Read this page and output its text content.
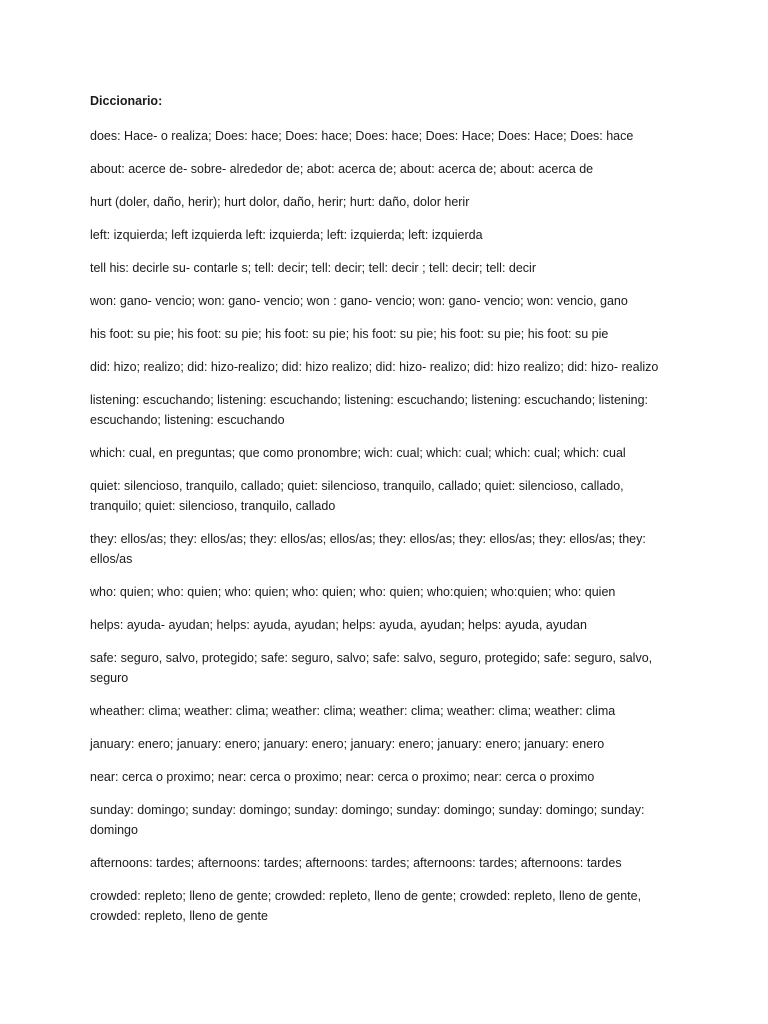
Diccionario:

does: Hace- o realiza; Does: hace; Does: hace; Does: hace; Does: Hace; Does: Hace; Does: hace

about: acerce de- sobre- alrededor de; abot: acerca de; about: acerca de; about: acerca de

hurt (doler, daño, herir); hurt dolor, daño, herir; hurt: daño, dolor herir

left: izquierda; left izquierda left: izquierda; left: izquierda; left: izquierda

tell his: decirle su- contarle s; tell: decir; tell: decir; tell: decir ; tell: decir; tell: decir

won: gano- vencio; won: gano- vencio; won : gano- vencio; won: gano- vencio; won: vencio, gano

his foot: su pie; his foot: su pie; his foot: su pie; his foot: su pie; his foot: su pie; his foot: su pie

did: hizo; realizo; did: hizo-realizo; did: hizo realizo; did: hizo- realizo; did: hizo realizo; did: hizo- realizo

listening: escuchando; listening: escuchando; listening: escuchando; listening: escuchando; listening: escuchando; listening: escuchando

which: cual, en preguntas; que como pronombre; wich: cual; which: cual; which: cual; which: cual

quiet: silencioso, tranquilo, callado; quiet: silencioso, tranquilo, callado; quiet: silencioso, callado, tranquilo; quiet: silencioso, tranquilo, callado

they: ellos/as; they: ellos/as; they: ellos/as; ellos/as; they: ellos/as; they: ellos/as; they: ellos/as; they: ellos/as

who: quien; who: quien; who: quien; who: quien; who: quien; who:quien; who:quien; who: quien

helps: ayuda- ayudan; helps: ayuda, ayudan; helps: ayuda, ayudan; helps: ayuda, ayudan

safe: seguro, salvo, protegido; safe: seguro, salvo; safe: salvo, seguro, protegido; safe: seguro, salvo, seguro

wheather: clima; weather: clima; weather: clima; weather: clima; weather: clima; weather: clima

january: enero; january: enero; january: enero; january: enero; january: enero; january: enero

near: cerca o proximo; near: cerca o proximo; near: cerca o proximo; near: cerca o proximo

sunday: domingo; sunday: domingo; sunday: domingo; sunday: domingo; sunday: domingo; sunday: domingo

afternoons: tardes; afternoons: tardes; afternoons: tardes; afternoons: tardes; afternoons: tardes

crowded: repleto; lleno de gente; crowded: repleto, lleno de gente; crowded: repleto, lleno de gente, crowded: repleto, lleno de gente
